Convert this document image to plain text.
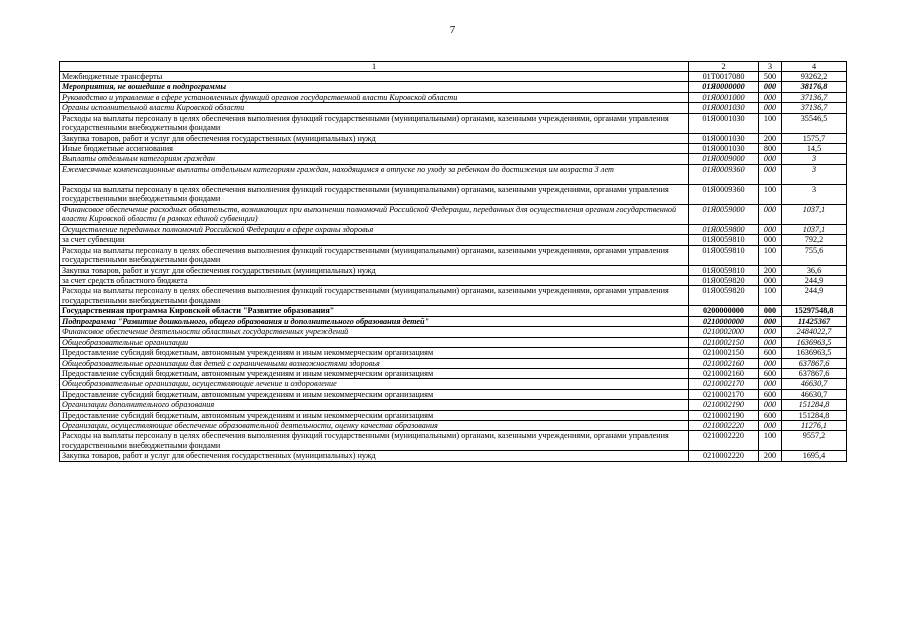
7
1	2	3	4
Межбюджетные трансферты	01Т0017080	500	93262,2
Мероприятия, не вошедшие в подпрограммы	01Я0000000	000	38176,8
Руководство и управление в сфере установленных функций органов государственной власти Кировской области	01Я0001000	000	37136,7
Органы исполнительной власти Кировской области	01Я0001030	000	37136,7
Расходы на выплаты персоналу в целях обеспечения выполнения функций государственными (муниципальными) органами, казенными учреждениями, органами управления государственными внебюджетными фондами	01Я0001030	100	35546,5
Закупка товаров, работ и услуг для обеспечения государственных (муниципальных) нужд	01Я0001030	200	1575,7
Иные бюджетные ассигнования	01Я0001030	800	14,5
Выплаты отдельным категориям граждан	01Я0009000	000	3
Ежемесячные компенсационные выплаты отдельным категориям граждан, находящимся в отпуске по уходу за ребенком до достижения им возраста 3 лет	01Я0009360	000	3
Расходы на выплаты персоналу в целях обеспечения выполнения функций государственными (муниципальными) органами, казенными учреждениями, органами управления государственными внебюджетными фондами	01Я0009360	100	3
Финансовое обеспечение расходных обязательств, возникающих при выполнении полномочий Российской Федерации, переданных для осуществления органам государственной власти Кировской области (в рамках единой субвенции)	01Я0059000	000	1037,1
Осуществление переданных полномочий Российской Федерации в сфере охраны здоровья	01Я0059800	000	1037,1
за счет субвенции	01Я0059810	000	792,2
Расходы на выплаты персоналу в целях обеспечения выполнения функций государственными (муниципальными) органами, казенными учреждениями, органами управления государственными внебюджетными фондами	01Я0059810	100	755,6
Закупка товаров, работ и услуг для обеспечения государственных (муниципальных) нужд	01Я0059810	200	36,6
за счет средств областного бюджета	01Я0059820	000	244,9
Расходы на выплаты персоналу в целях обеспечения выполнения функций государственными (муниципальными) органами, казенными учреждениями, органами управления государственными внебюджетными фондами	01Я0059820	100	244,9
Государственная программа Кировской области "Развитие образования"	0200000000	000	15297548,8
Подпрограмма "Развитие дошкольного, общего образования и дополнительного образования детей"	0210000000	000	11425367
Финансовое обеспечение деятельности областных государственных учреждений	0210002000	000	2484022,7
Общеобразовательные организации	0210002150	000	1636963,5
Предоставление субсидий бюджетным, автономным учреждениям и иным некоммерческим организациям	0210002150	600	1636963,5
Общеобразовательные организации для детей с ограниченными возможностями здоровья	0210002160	000	637867,6
Предоставление субсидий бюджетным, автономным учреждениям и иным некоммерческим организациям	0210002160	600	637867,6
Общеобразовательные организации, осуществляющие лечение и оздоровление	0210002170	000	46630,7
Предоставление субсидий бюджетным, автономным учреждениям и иным некоммерческим организациям	0210002170	600	46630,7
Организации дополнительного образования	0210002190	000	151284,8
Предоставление субсидий бюджетным, автономным учреждениям и иным некоммерческим организациям	0210002190	600	151284,8
Организации, осуществляющие обеспечение образовательной деятельности, оценку качества образования	0210002220	000	11276,1
Расходы на выплаты персоналу в целях обеспечения выполнения функций государственными (муниципальными) органами, казенными учреждениями, органами управления государственными внебюджетными фондами	0210002220	100	9557,2
Закупка товаров, работ и услуг для обеспечения государственных (муниципальных) нужд	0210002220	200	1695,4
